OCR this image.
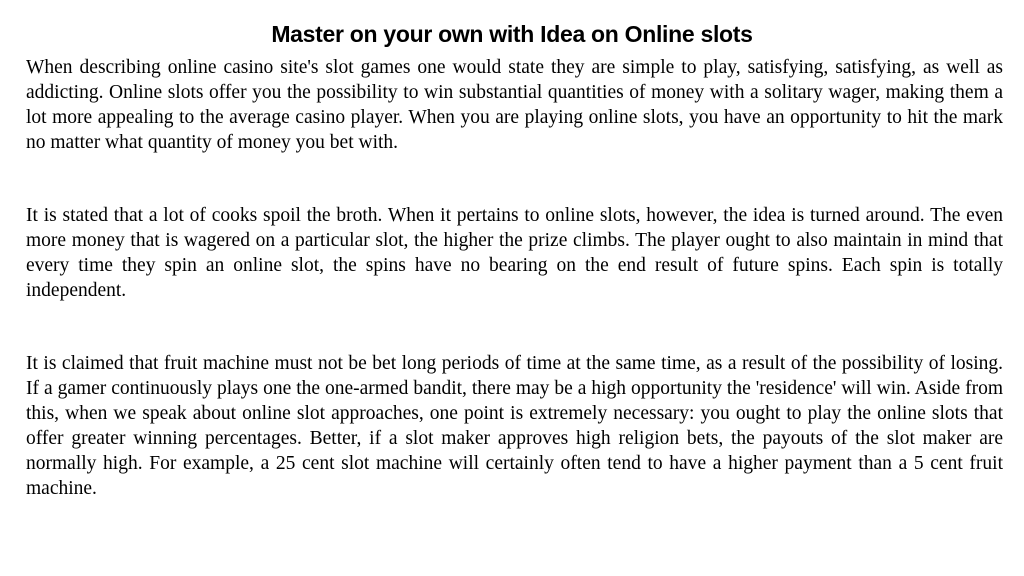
Master on your own with Idea on Online slots

When describing online casino site's slot games one would state they are simple to play, satisfying, satisfying, as well as addicting. Online slots offer you the possibility to win substantial quantities of money with a solitary wager, making them a lot more appealing to the average casino player. When you are playing online slots, you have an opportunity to hit the mark no matter what quantity of money you bet with.

It is stated that a lot of cooks spoil the broth. When it pertains to online slots, however, the idea is turned around. The even more money that is wagered on a particular slot, the higher the prize climbs. The player ought to also maintain in mind that every time they spin an online slot, the spins have no bearing on the end result of future spins. Each spin is totally independent.

It is claimed that fruit machine must not be bet long periods of time at the same time, as a result of the possibility of losing. If a gamer continuously plays one the one-armed bandit, there may be a high opportunity the 'residence' will win. Aside from this, when we speak about online slot approaches, one point is extremely necessary: you ought to play the online slots that offer greater winning percentages. Better, if a slot maker approves high religion bets, the payouts of the slot maker are normally high. For example, a 25 cent slot machine will certainly often tend to have a higher payment than a 5 cent fruit machine.
